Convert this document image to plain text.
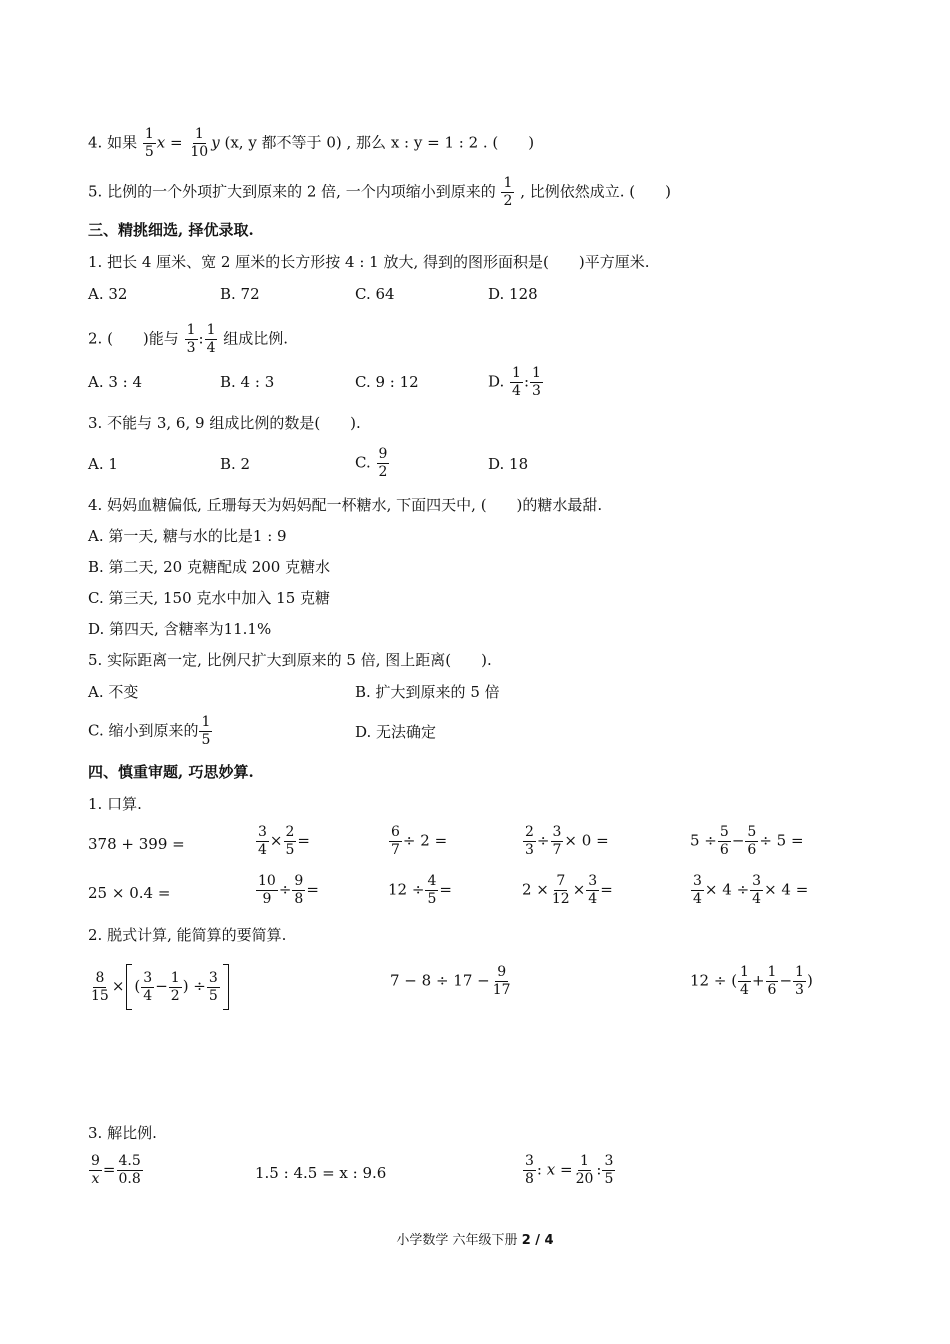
4. 如果 $\frac{1}{5}$ $x = \frac{1}{10}$ y (x, y 都不等于 0) , 那么 x : y = 1 : 2 . (　　)
5. 比例的一个外项扩大到原来的 2 倍, 一个内项缩小到原来的 $\frac{1}{2}$ , 比例依然成立. (　　)
三、精挑细选, 择优录取.
1. 把长 4 厘米、宽 2 厘米的长方形按 4 : 1 放大, 得到的图形面积是(　　)平方厘米.
A. 32	B. 72	C. 64	D. 128
2. (　　)能与 $\frac{1}{3}$ : $\frac{1}{4}$ 组成比例.
A. 3 : 4	B. 4 : 3	C. 9 : 12	D. $\frac{1}{4}$ : $\frac{1}{3}$
3. 不能与 3, 6, 9 组成比例的数是(　　).
A. 1	B. 2	C. $\frac{9}{2}$	D. 18
4. 妈妈血糖偏低, 丘珊每天为妈妈配一杯糖水, 下面四天中, (　　)的糖水最甜.
A. 第一天, 糖与水的比是1 : 9
B. 第二天, 20 克糖配成 200 克糖水
C. 第三天, 150 克水中加入 15 克糖
D. 第四天, 含糖率为11.1%
5. 实际距离一定, 比例尺扩大到原来的 5 倍, 图上距离(　　).
A. 不变	B. 扩大到原来的 5 倍
C. 缩小到原来的 $\frac{1}{5}$	D. 无法确定
四、慎重审题, 巧思妙算.
1. 口算.
378 + 399 =	$\frac{3}{4} \times \frac{2}{5}$ =	$\frac{6}{7} \div 2$ =	$\frac{2}{3} \div \frac{3}{7} \times 0$ =	$5 \div \frac{5}{6} - \frac{5}{6} \div 5$ =
25 × 0.4 =	$\frac{10}{9} \div \frac{9}{8}$ =	$12 \div \frac{4}{5}$ =	$2 \times \frac{7}{12} \times \frac{3}{4}$ =	$\frac{3}{4} \times 4 \div \frac{3}{4} \times 4$ =
2. 脱式计算, 能简算的要简算.
$\frac{8}{15}$ × ( $\frac{3}{4} - \frac{1}{2}$ ) ÷ $\frac{3}{5}$	$7 - 8 \div 17 - \frac{9}{17}$	12 ÷ ( $\frac{1}{4} + \frac{1}{6} - \frac{1}{3}$ )
3. 解比例.
$\frac{9}{x} = \frac{4.5}{0.8}$	1.5 : 4.5 = x : 9.6	$\frac{3}{8}$ : $x = \frac{1}{20}$ : $\frac{3}{5}$
小学数学 六年级下册 2 / 4
